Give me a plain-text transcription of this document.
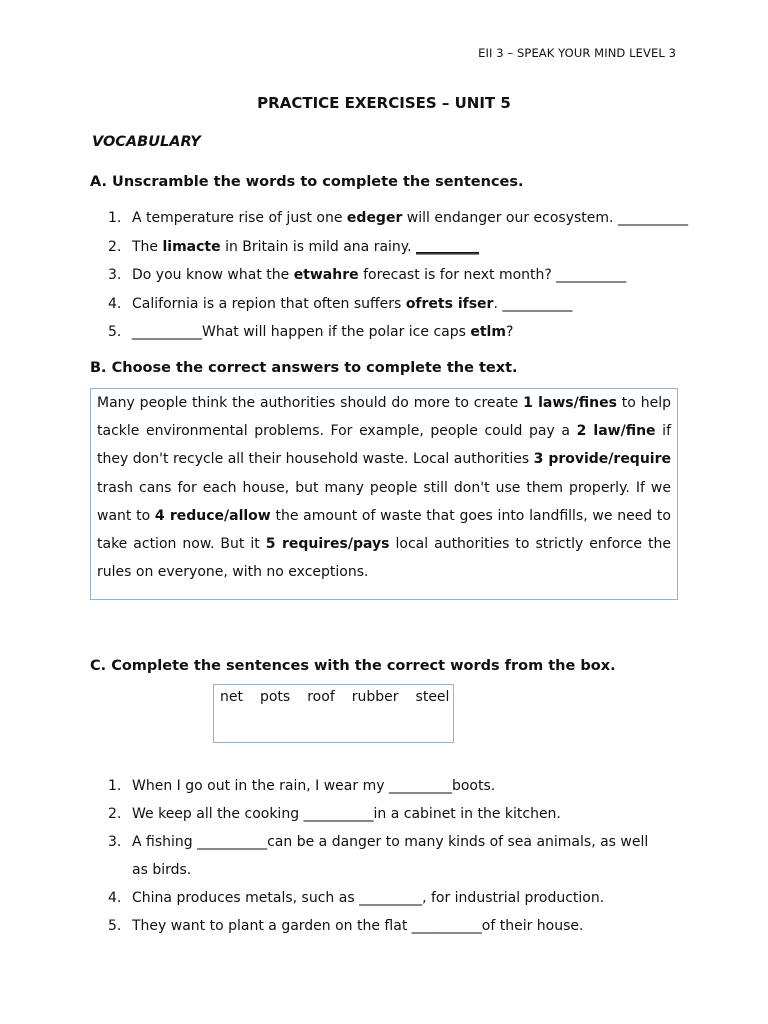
EII 3 – SPEAK YOUR MIND LEVEL 3
PRACTICE EXERCISES – UNIT 5
VOCABULARY
A. Unscramble the words to complete the sentences.
1. A temperature rise of just one edeger will endanger our ecosystem. __________
2. The limacte in Britain is mild ana rainy. _________
3. Do you know what the etwahre forecast is for next month? __________
4. California is a repion that often suffers ofrets ifser. __________
5. __________What will happen if the polar ice caps etlm?
B. Choose the correct answers to complete the text.

Many people think the authorities should do more to create 1 laws/fines to help tackle environmental problems. For example, people could pay a 2 law/fine if they don't recycle all their household waste. Local authorities 3 provide/require trash cans for each house, but many people still don't use them properly. If we want to 4 reduce/allow the amount of waste that goes into landfills, we need to take action now. But it 5 requires/pays local authorities to strictly enforce the rules on everyone, with no exceptions.

C. Complete the sentences with the correct words from the box.
net pots roof rubber steel
1. When I go out in the rain, I wear my _________boots.
2. We keep all the cooking __________in a cabinet in the kitchen.
3. A fishing __________can be a danger to many kinds of sea animals, as well as birds.
4. China produces metals, such as _________, for industrial production.
5. They want to plant a garden on the flat __________of their house.
